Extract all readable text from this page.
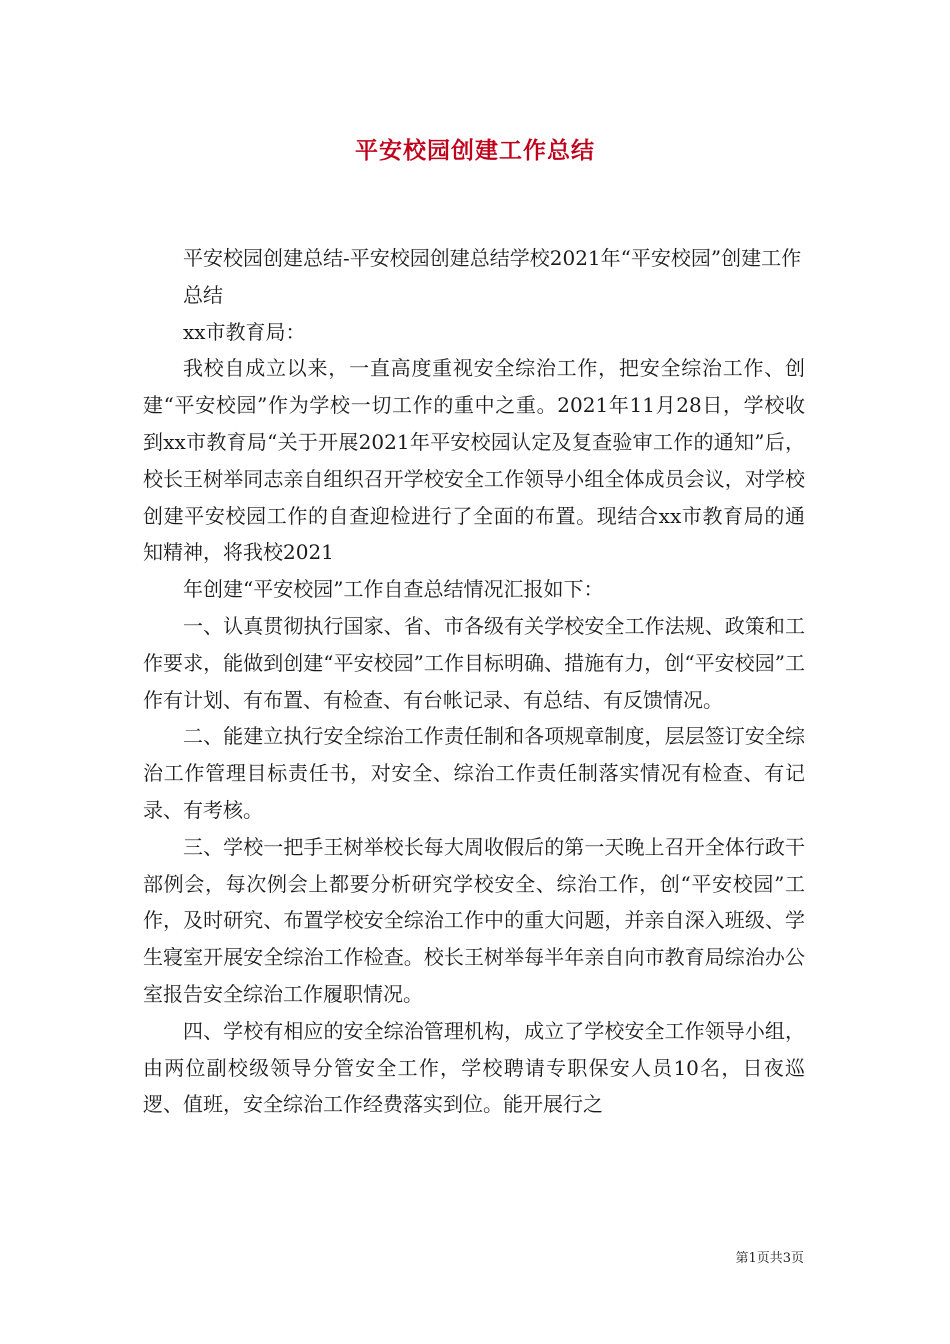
平安校园创建工作总结

平安校园创建总结-平安校园创建总结学校2021年“平安校园”创建工作

总结

xx市教育局：

我校自成立以来，一直高度重视安全综治工作，把安全综治工作、创建“平安校园”作为学校一切工作的重中之重。2021年11月28日，学校收到xx市教育局“关于开展2021年平安校园认定及复查验审工作的通知”后，校长王树举同志亲自组织召开学校安全工作领导小组全体成员会议，对学校创建平安校园工作的自查迎检进行了全面的布置。现结合xx市教育局的通知精神，将我校2021

年创建“平安校园”工作自查总结情况汇报如下：

一、认真贯彻执行国家、省、市各级有关学校安全工作法规、政策和工作要求，能做到创建“平安校园”工作目标明确、措施有力，创“平安校园”工作有计划、有布置、有检查、有台帐记录、有总结、有反馈情况。

二、能建立执行安全综治工作责任制和各项规章制度，层层签订安全综治工作管理目标责任书，对安全、综治工作责任制落实情况有检查、有记录、有考核。

三、学校一把手王树举校长每大周收假后的第一天晚上召开全体行政干部例会，每次例会上都要分析研究学校安全、综治工作，创“平安校园”工作，及时研究、布置学校安全综治工作中的重大问题，并亲自深入班级、学生寝室开展安全综治工作检查。校长王树举每半年亲自向市教育局综治办公室报告安全综治工作履职情况。

四、学校有相应的安全综治管理机构，成立了学校安全工作领导小组，由两位副校级领导分管安全工作，学校聘请专职保安人员10名，日夜巡逻、值班，安全综治工作经费落实到位。能开展行之

第1页共3页
